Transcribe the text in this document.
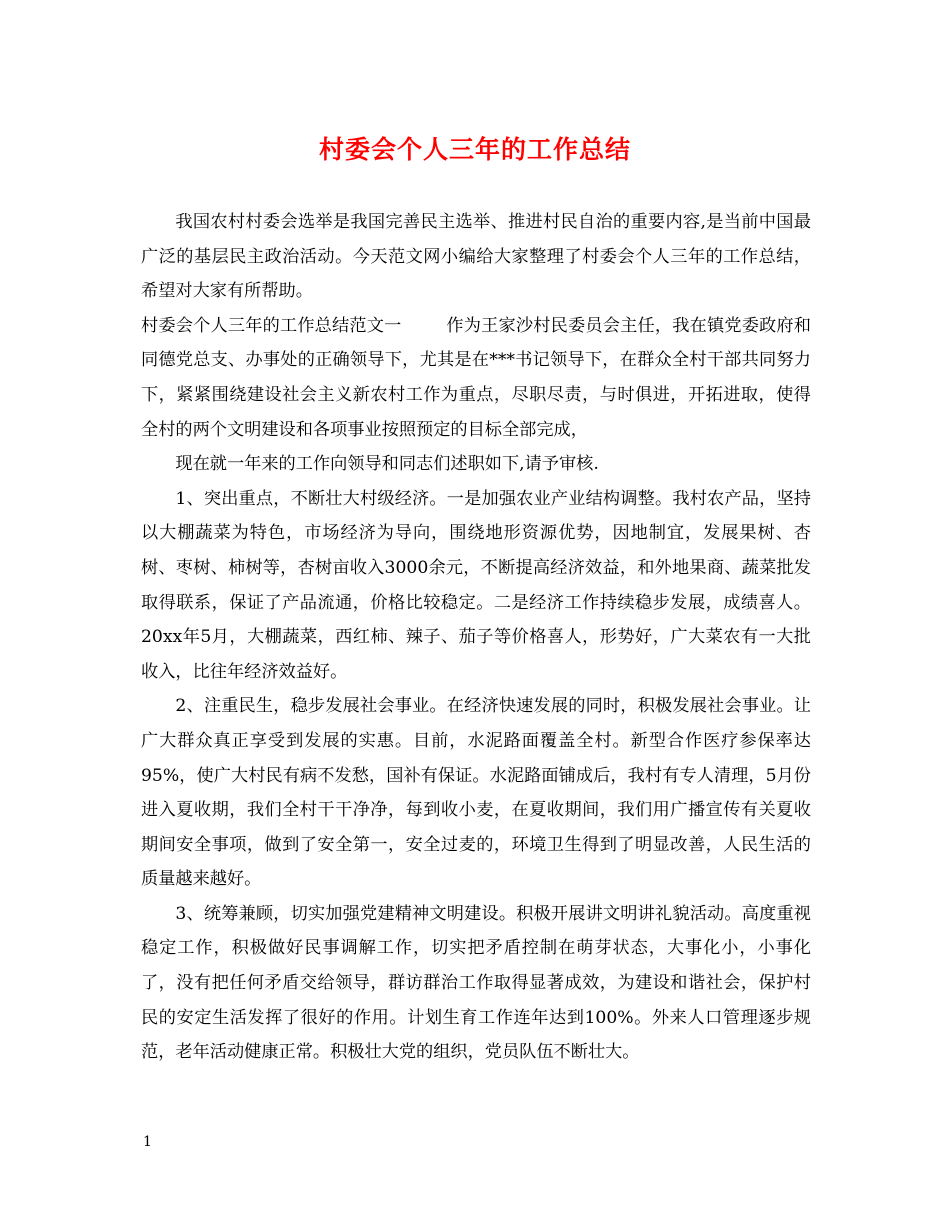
村委会个人三年的工作总结

我国农村村委会选举是我国完善民主选举、推进村民自治的重要内容,是当前中国最广泛的基层民主政治活动。今天范文网小编给大家整理了村委会个人三年的工作总结，希望对大家有所帮助。

村委会个人三年的工作总结范文一	作为王家沙村民委员会主任，我在镇党委政府和同德党总支、办事处的正确领导下，尤其是在***书记领导下，在群众全村干部共同努力下，紧紧围绕建设社会主义新农村工作为重点，尽职尽责，与时俱进，开拓进取，使得全村的两个文明建设和各项事业按照预定的目标全部完成，

现在就一年来的工作向领导和同志们述职如下,请予审核.

1、突出重点，不断壮大村级经济。一是加强农业产业结构调整。我村农产品，坚持以大棚蔬菜为特色，市场经济为导向，围绕地形资源优势，因地制宜，发展果树、杏树、枣树、柿树等，杏树亩收入3000余元，不断提高经济效益，和外地果商、蔬菜批发取得联系，保证了产品流通，价格比较稳定。二是经济工作持续稳步发展，成绩喜人。20xx年5月，大棚蔬菜，西红柿、辣子、茄子等价格喜人，形势好，广大菜农有一大批收入，比往年经济效益好。

2、注重民生，稳步发展社会事业。在经济快速发展的同时，积极发展社会事业。让广大群众真正享受到发展的实惠。目前，水泥路面覆盖全村。新型合作医疗参保率达95%，使广大村民有病不发愁，国补有保证。水泥路面铺成后，我村有专人清理，5月份进入夏收期，我们全村干干净净，每到收小麦，在夏收期间，我们用广播宣传有关夏收期间安全事项，做到了安全第一，安全过麦的，环境卫生得到了明显改善，人民生活的质量越来越好。

3、统筹兼顾，切实加强党建精神文明建设。积极开展讲文明讲礼貌活动。高度重视稳定工作，积极做好民事调解工作，切实把矛盾控制在萌芽状态，大事化小，小事化了，没有把任何矛盾交给领导，群访群治工作取得显著成效，为建设和谐社会，保护村民的安定生活发挥了很好的作用。计划生育工作连年达到100%。外来人口管理逐步规范，老年活动健康正常。积极壮大党的组织，党员队伍不断壮大。

1
